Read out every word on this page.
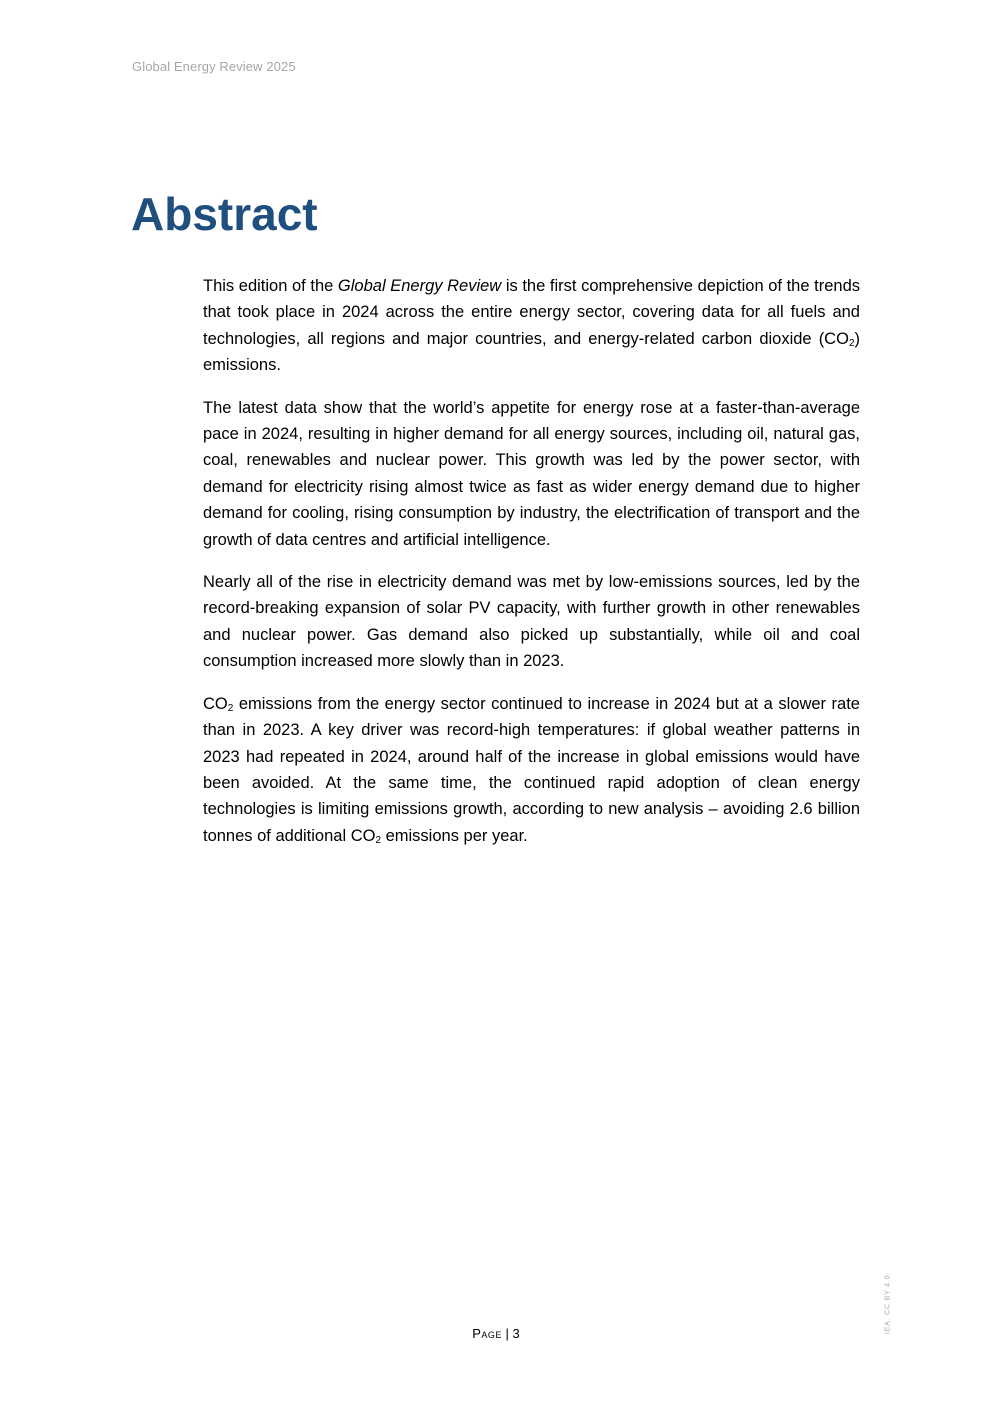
Global Energy Review 2025
Abstract

This edition of the Global Energy Review is the first comprehensive depiction of the trends that took place in 2024 across the entire energy sector, covering data for all fuels and technologies, all regions and major countries, and energy-related carbon dioxide $(CO_2)$ emissions.

The latest data show that the world’s appetite for energy rose at a faster-than-average pace in 2024, resulting in higher demand for all energy sources, including oil, natural gas, coal, renewables and nuclear power. This growth was led by the power sector, with demand for electricity rising almost twice as fast as wider energy demand due to higher demand for cooling, rising consumption by industry, the electrification of transport and the growth of data centres and artificial intelligence.

Nearly all of the rise in electricity demand was met by low-emissions sources, led by the record-breaking expansion of solar PV capacity, with further growth in other renewables and nuclear power. Gas demand also picked up substantially, while oil and coal consumption increased more slowly than in 2023.

$CO_2$ emissions from the energy sector continued to increase in 2024 but at a slower rate than in 2023. A key driver was record-high temperatures: if global weather patterns in 2023 had repeated in 2024, around half of the increase in global emissions would have been avoided. At the same time, the continued rapid adoption of clean energy technologies is limiting emissions growth, according to new analysis – avoiding 2.6 billion tonnes of additional $CO_2$ emissions per year.

IEA. CC BY 4.0.
Page | 3
